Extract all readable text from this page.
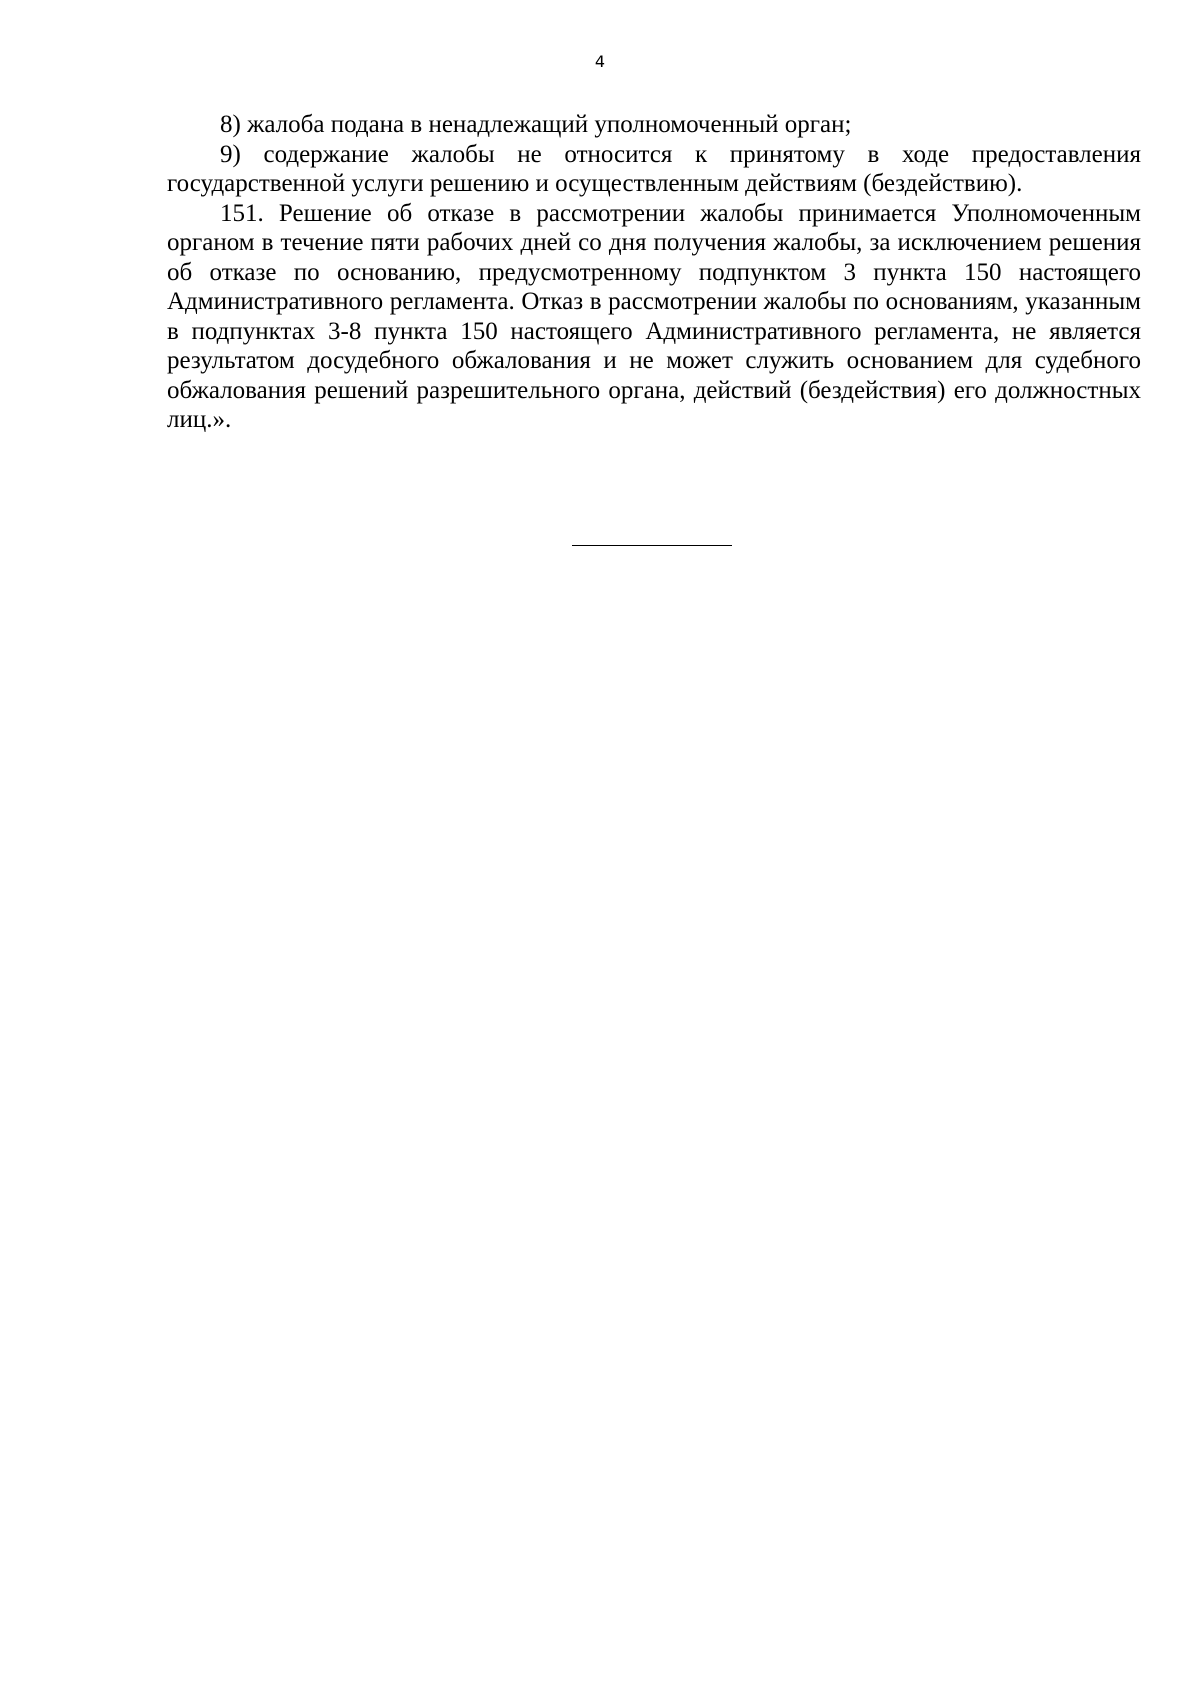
4

8) жалоба подана в ненадлежащий уполномоченный орган;

9) содержание жалобы не относится к принятому в ходе предоставления государственной услуги решению и осуществленным действиям (бездействию).

151. Решение об отказе в рассмотрении жалобы принимается Уполномоченным органом в течение пяти рабочих дней со дня получения жалобы, за исключением решения об отказе по основанию, предусмотренному подпунктом 3 пункта 150 настоящего Административного регламента. Отказ в рассмотрении жалобы по основаниям, указанным в подпунктах 3-8 пункта 150 настоящего Административного регламента, не является результатом досудебного обжалования и не может служить основанием для судебного обжалования решений разрешительного органа, действий (бездействия) его должностных лиц.».
